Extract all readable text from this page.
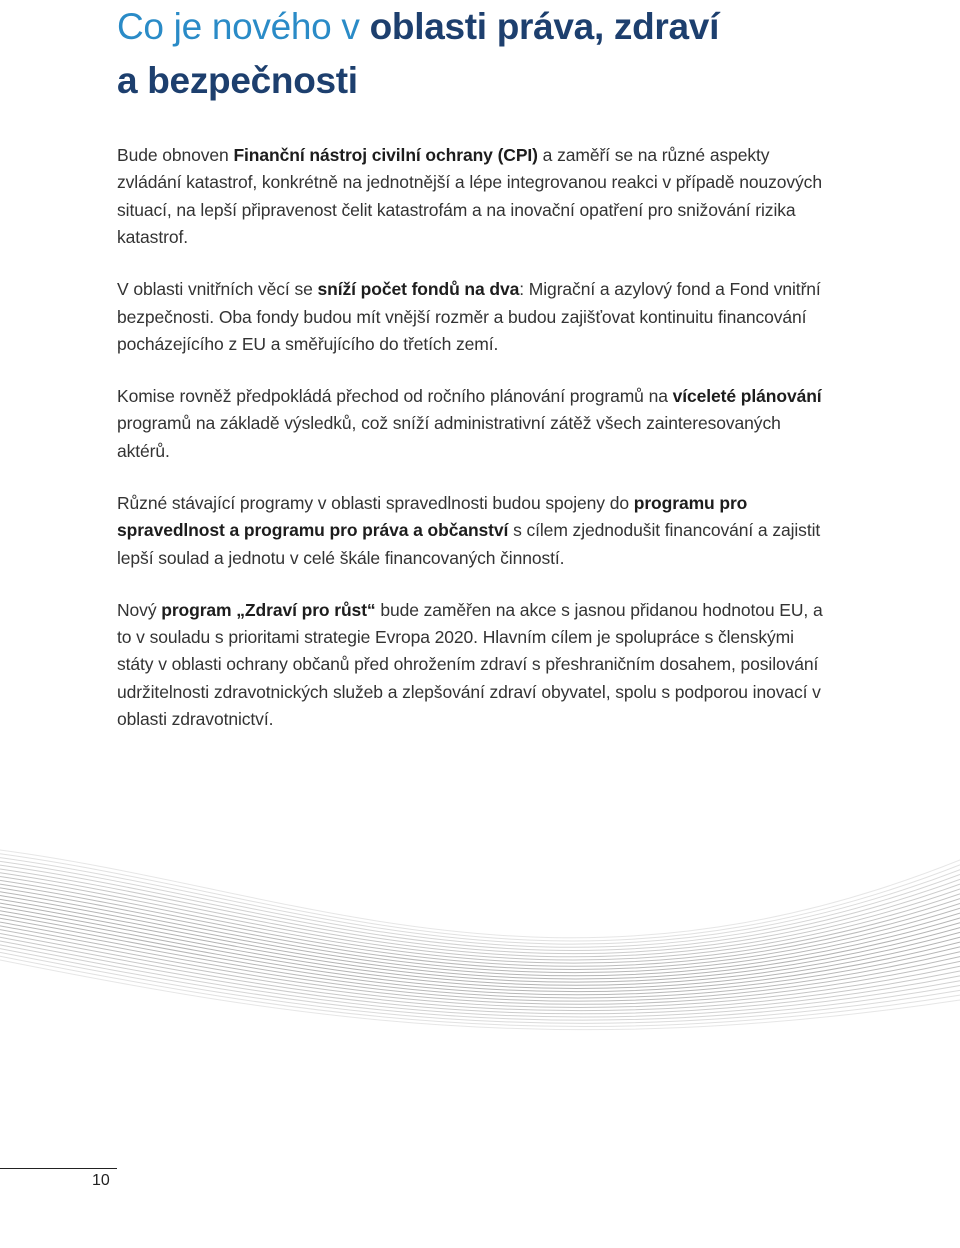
Co je nového v oblasti práva, zdraví
a bezpečnosti

Bude obnoven Finanční nástroj civilní ochrany (CPI) a zaměří se na různé aspekty zvládání katastrof, konkrétně na jednotnější a lépe integrovanou reakci v případě nouzových situací, na lepší připravenost čelit katastrofám a na inovační opatření pro snižování rizika katastrof.

V oblasti vnitřních věcí se sníží počet fondů na dva: Migrační a azylový fond a Fond vnitřní bezpečnosti. Oba fondy budou mít vnější rozměr a budou zajišťovat kontinuitu financování pocházejícího z EU a směřujícího do třetích zemí.

Komise rovněž předpokládá přechod od ročního plánování programů na víceleté plánování programů na základě výsledků, což sníží administrativní zátěž všech zainteresovaných aktérů.

Různé stávající programy v oblasti spravedlnosti budou spojeny do programu pro spravedlnost a programu pro práva a občanství s cílem zjednodušit financování a zajistit lepší soulad a jednotu v celé škále financovaných činností.

Nový program „Zdraví pro růst“ bude zaměřen na akce s jasnou přidanou hodnotou EU, a to v souladu s prioritami strategie Evropa 2020. Hlavním cílem je spolupráce s členskými státy v oblasti ochrany občanů před ohrožením zdraví s přeshraničním dosahem, posilování udržitelnosti zdravotnických služeb a zlepšování zdraví obyvatel, spolu s podporou inovací v oblasti zdravotnictví.

10
